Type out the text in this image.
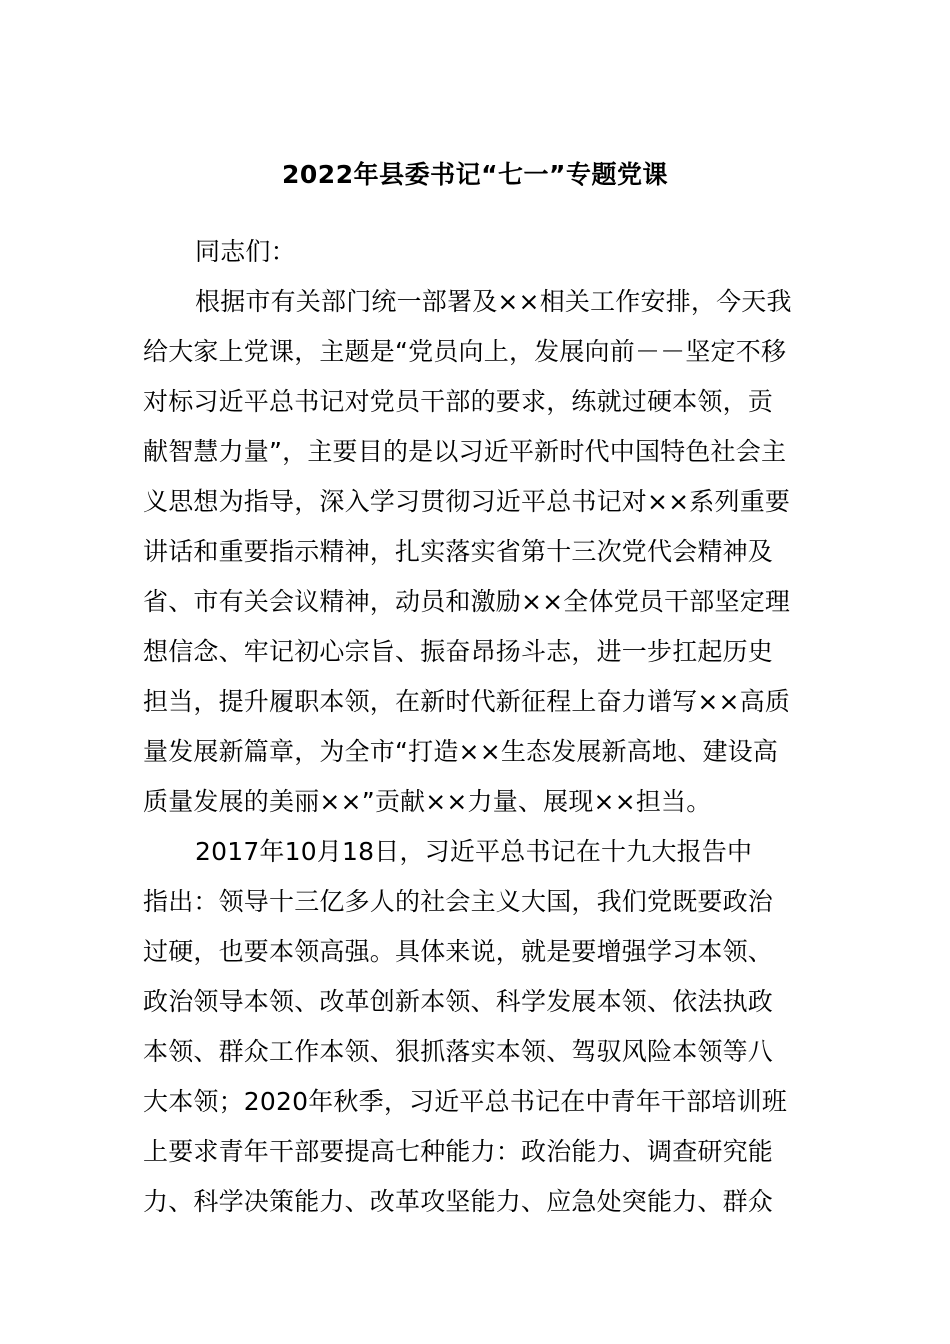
2022年县委书记“七一”专题党课
同志们：
根据市有关部门统一部署及××相关工作安排，今天我
给大家上党课，主题是“党员向上，发展向前－－坚定不移
对标习近平总书记对党员干部的要求，练就过硬本领，贡
献智慧力量”，主要目的是以习近平新时代中国特色社会主
义思想为指导，深入学习贯彻习近平总书记对××系列重要
讲话和重要指示精神，扎实落实省第十三次党代会精神及
省、市有关会议精神，动员和激励××全体党员干部坚定理
想信念、牢记初心宗旨、振奋昂扬斗志，进一步扛起历史
担当，提升履职本领，在新时代新征程上奋力谱写××高质
量发展新篇章，为全市“打造××生态发展新高地、建设高
质量发展的美丽××”贡献××力量、展现××担当。
2017年10月18日，习近平总书记在十九大报告中
指出：领导十三亿多人的社会主义大国，我们党既要政治
过硬，也要本领高强。具体来说，就是要增强学习本领、
政治领导本领、改革创新本领、科学发展本领、依法执政
本领、群众工作本领、狠抓落实本领、驾驭风险本领等八
大本领；2020年秋季，习近平总书记在中青年干部培训班
上要求青年干部要提高七种能力：政治能力、调查研究能
力、科学决策能力、改革攻坚能力、应急处突能力、群众
